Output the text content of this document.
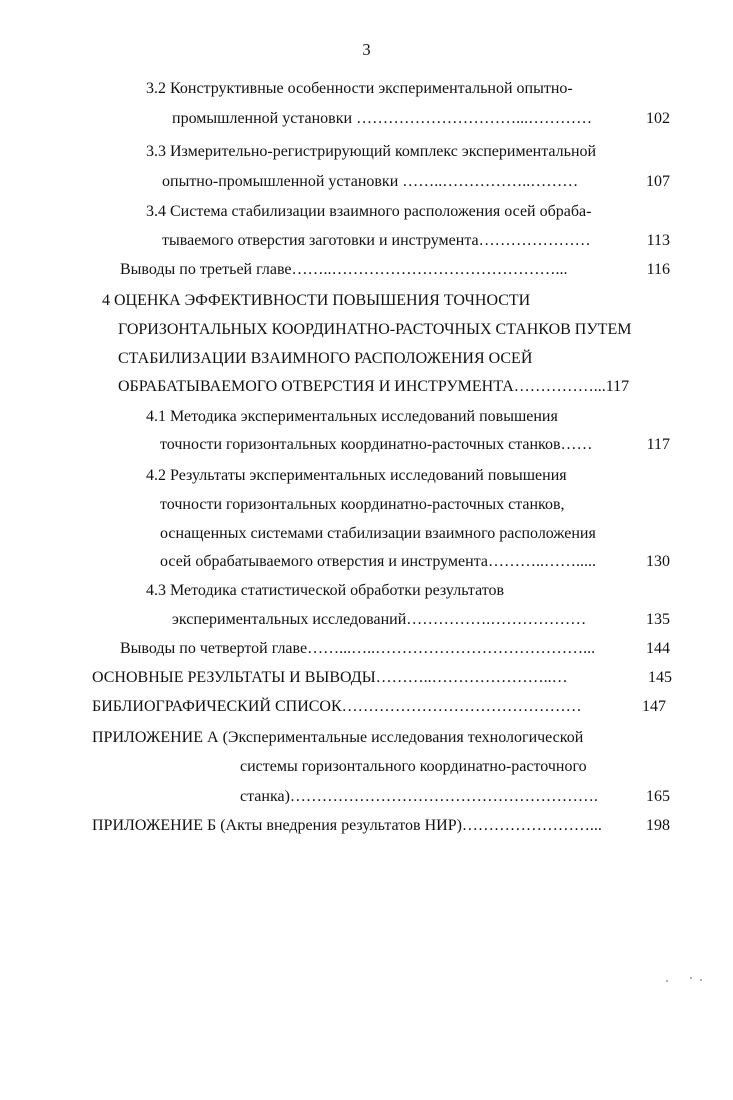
3
3.2 Конструктивные особенности экспериментальной опытно-
промышленной установки …………………………...…………	102
3.3 Измерительно-регистрирующий комплекс экспериментальной
опытно-промышленной установки ……..……………..………	107
3.4 Система стабилизации взаимного расположения осей обраба-
тываемого отверстия заготовки и инструмента…………………	113
Выводы по третьей главе……..……………………………………...	116
4 ОЦЕНКА ЭФФЕКТИВНОСТИ ПОВЫШЕНИЯ ТОЧНОСТИ
ГОРИЗОНТАЛЬНЫХ КООРДИНАТНО-РАСТОЧНЫХ СТАНКОВ ПУТЕМ
СТАБИЛИЗАЦИИ ВЗАИМНОГО РАСПОЛОЖЕНИЯ ОСЕЙ
ОБРАБАТЫВАЕМОГО ОТВЕРСТИЯ И ИНСТРУМЕНТА……………...117
4.1 Методика экспериментальных исследований повышения
точности горизонтальных координатно-расточных станков……	117
4.2 Результаты экспериментальных исследований повышения
точности горизонтальных координатно-расточных станков,
оснащенных системами стабилизации взаимного расположения
осей обрабатываемого отверстия и инструмента………..…….....	130
4.3 Методика статистической обработки результатов
экспериментальных исследований…………….………………	135
Выводы по четвертой главе……...…..…………………………………...	144
ОСНОВНЫЕ РЕЗУЛЬТАТЫ И ВЫВОДЫ………..…………………..…	145
БИБЛИОГРАФИЧЕСКИЙ СПИСОК………………………………………	147
ПРИЛОЖЕНИЕ А (Экспериментальные исследования технологической
системы горизонтального координатно-расточного
станка)………………………………………………….	165
ПРИЛОЖЕНИЕ Б (Акты внедрения результатов НИР)……………………...	198
